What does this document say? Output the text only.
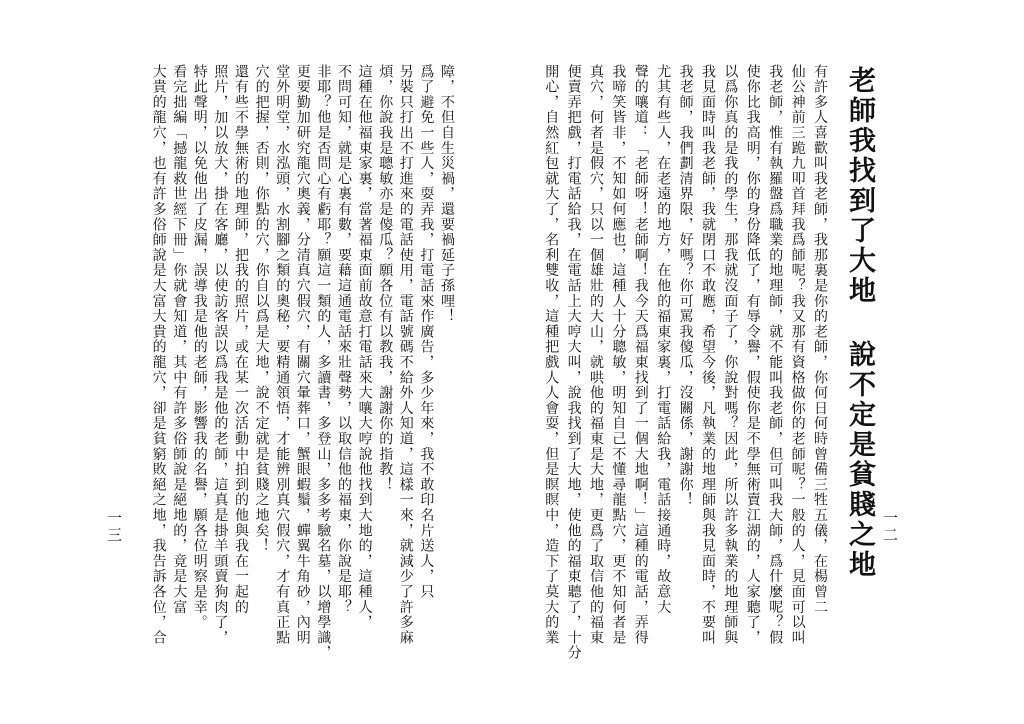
障，不但自生災禍，還要禍延子孫哩！
爲了避免一些人，耍弄我，打電話來作廣告，多少年來，我不敢印名片送人，只
另裝只打出不打進來的電話使用，電話號碼不給外人知道，這樣一來，就減少了許多麻
煩，你說我是聰敏亦是傻瓜？願各位有以教我，謝謝你的指教！
這種在他福東家裏，當著福東面前故意打電話來大嚷大哼說他找到大地的，這種人，
不問可知，就是心裏有數，要藉這通電話來壯聲勢，以取信他的福東，你說是耶？
非耶？他是否問心有虧耶？願這一類的人，多讀書，多登山，多多考驗名墓，以增學識，
更要勤加研究龍穴奧義，分清真穴假穴，有關穴暈葬口，蟹眼蝦鬚，蟬翼牛角砂，內明
堂外明堂，水泓頭，水割腳之類的奧秘，要精通領悟，才能辨別真穴假穴，才有真正點
穴的把握，否則，你點的穴，你自以爲是大地，說不定就是貧賤之地矣！
還有些不學無術的地理師，把我的照片，或在某一次活動中拍到的他與我在一起的
照片，加以放大，掛在客廳，以使訪客誤以爲我是他的老師，這真是掛羊頭賣狗肉了，
特此聲明，以免他出了皮漏，誤導我是他的老師，影響我的名譽，願各位明察是幸。
看完拙編「撼龍救世經下冊」你就會知道，其中有許多俗師說是絕地的，竟是大富
大貴的龍穴，也有許多俗師說是大富大貴的龍穴，卻是貧窮敗絕之地，我告訴各位，合
一三	老師我找到了大地 說不定是貧賤之地
有許多人喜歡叫我老師，我那裏是你的老師，你何日何時曾備三牲五儀，在楊曾二
仙公神前三跪九叩首拜我爲師呢？我又那有資格做你的老師呢？一般的人，見面可以叫
我老師，惟有執羅盤爲職業的地理師，就不能叫我老師，但可叫我大師，爲什麼呢？假
使你比我高明，你的身份降低了，有辱令譽，假使你是不學無術賣江湖的，人家聽了，
以爲你真的是我的學生，那我就沒面子了，你說對嗎？因此，所以許多執業的地理師與
我見面時叫我老師，我就閉口不敢應，希望今後，凡執業的地理師與我見面時，不要叫
我老師，我們劃清界限，好嗎？你可罵我傻瓜，沒關係，謝謝你！
尤其有些人，在老遠的地方，在他的福東家裏，打電話給我，電話接通時，故意大
聲的嚷道：「老師呀！老師啊！我今天爲福東找到了一個大地啊！」這種的電話，弄得
我啼笑皆非，不知如何應也，這種人十分聰敏，明知自己不懂尋龍點穴，更不知何者是
真穴，何者是假穴，只以一個雄壯的大山，就哄他的福東是大地，更爲了取信他的福東
便賣弄把戲，打電話給我，在電話上大哼大叫，說我找到了大地，使他的福東聽了，十分
開心，自然紅包就大了，名利雙收，這種把戲人人會耍，但是瞑瞑中，造下了莫大的業	一二
